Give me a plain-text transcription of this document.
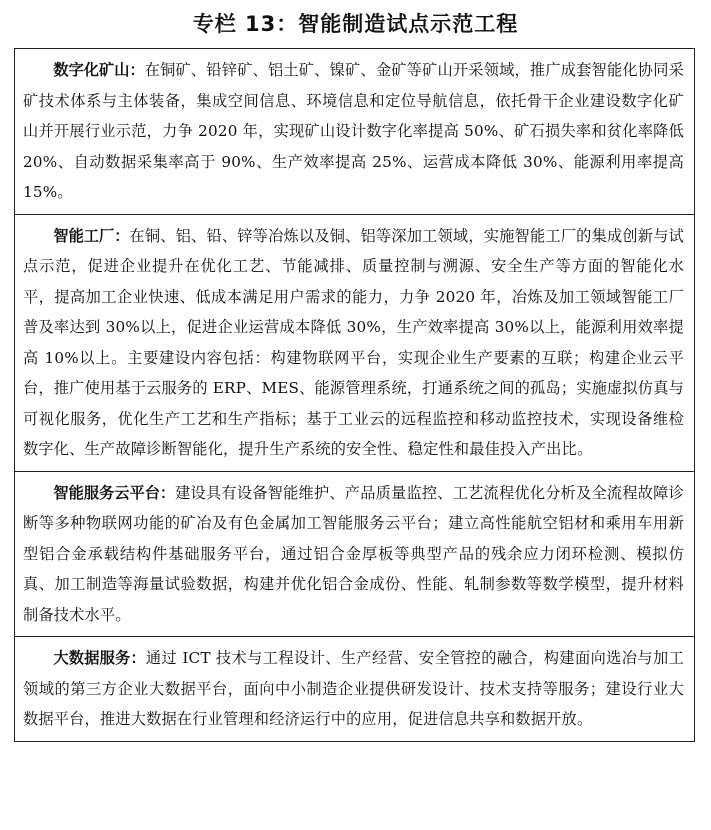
专栏 13：智能制造试点示范工程
数字化矿山：在铜矿、铅锌矿、铝土矿、镍矿、金矿等矿山开采领域，推广成套智能化协同采矿技术体系与主体装备，集成空间信息、环境信息和定位导航信息，依托骨干企业建设数字化矿山并开展行业示范，力争 2020 年，实现矿山设计数字化率提高 50%、矿石损失率和贫化率降低 20%、自动数据采集率高于 90%、生产效率提高 25%、运营成本降低 30%、能源利用率提高 15%。
智能工厂：在铜、铝、铅、锌等冶炼以及铜、铝等深加工领域，实施智能工厂的集成创新与试点示范，促进企业提升在优化工艺、节能减排、质量控制与溯源、安全生产等方面的智能化水平，提高加工企业快速、低成本满足用户需求的能力，力争 2020 年，冶炼及加工领域智能工厂普及率达到 30%以上，促进企业运营成本降低 30%，生产效率提高 30%以上，能源利用效率提高 10%以上。主要建设内容包括：构建物联网平台，实现企业生产要素的互联；构建企业云平台，推广使用基于云服务的 ERP、MES、能源管理系统，打通系统之间的孤岛；实施虚拟仿真与可视化服务，优化生产工艺和生产指标；基于工业云的远程监控和移动监控技术，实现设备维检数字化、生产故障诊断智能化，提升生产系统的安全性、稳定性和最佳投入产出比。
智能服务云平台：建设具有设备智能维护、产品质量监控、工艺流程优化分析及全流程故障诊断等多种物联网功能的矿冶及有色金属加工智能服务云平台；建立高性能航空铝材和乘用车用新型铝合金承载结构件基础服务平台，通过铝合金厚板等典型产品的残余应力闭环检测、模拟仿真、加工制造等海量试验数据，构建并优化铝合金成份、性能、轧制参数等数学模型，提升材料制备技术水平。
大数据服务：通过 ICT 技术与工程设计、生产经营、安全管控的融合，构建面向选冶与加工领域的第三方企业大数据平台，面向中小制造企业提供研发设计、技术支持等服务；建设行业大数据平台，推进大数据在行业管理和经济运行中的应用，促进信息共享和数据开放。
